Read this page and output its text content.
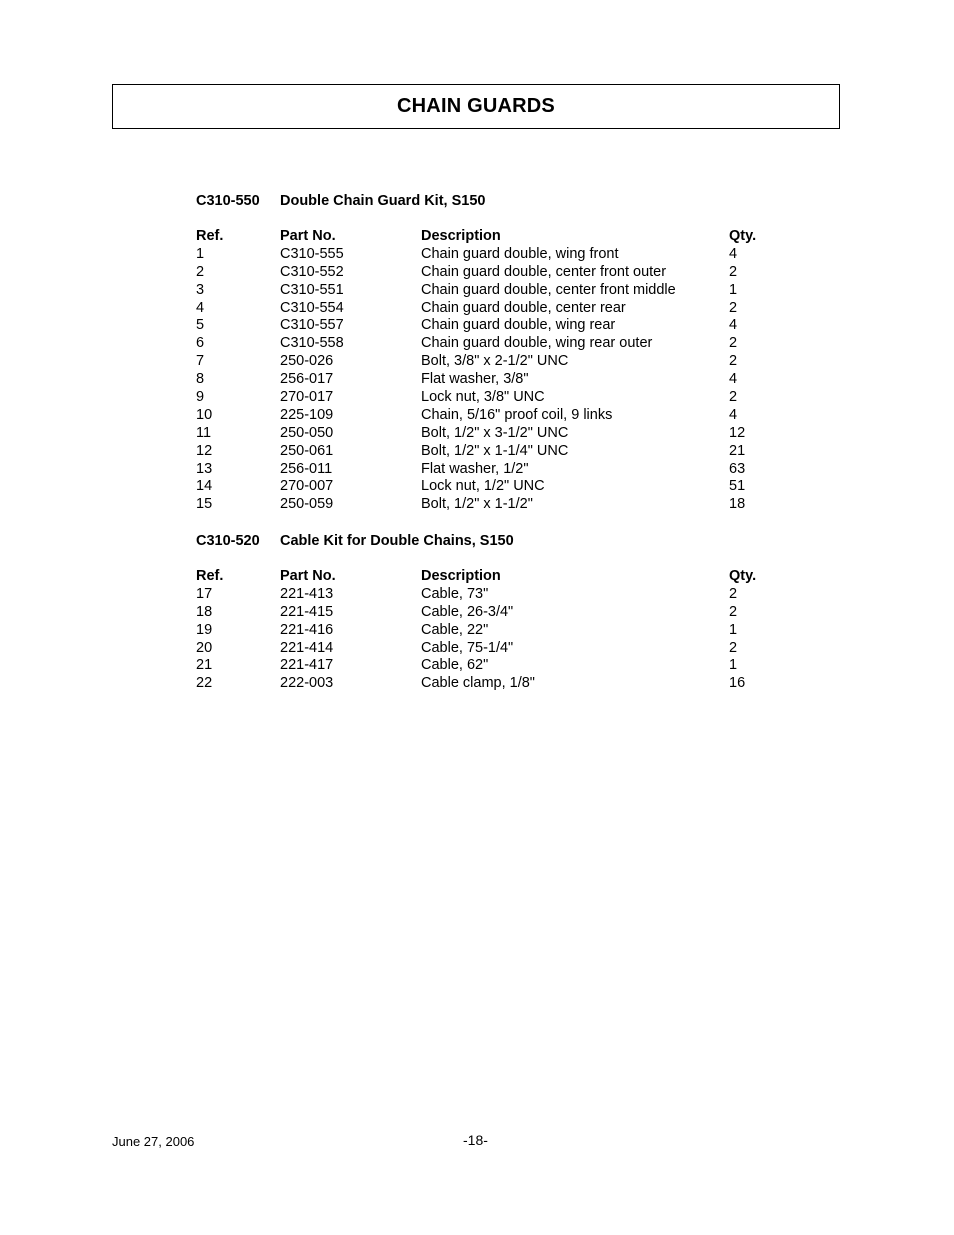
CHAIN GUARDS
C310-550 Double Chain Guard Kit, S150
Ref.	Part No.	Description	Qty.
1	C310-555	Chain guard double, wing front	4
2	C310-552	Chain guard double, center front outer	2
3	C310-551	Chain guard double, center front middle	1
4	C310-554	Chain guard double, center rear	2
5	C310-557	Chain guard double, wing rear	4
6	C310-558	Chain guard double, wing rear outer	2
7	250-026	Bolt, 3/8" x 2-1/2" UNC	2
8	256-017	Flat washer, 3/8"	4
9	270-017	Lock nut, 3/8" UNC	2
10	225-109	Chain, 5/16" proof coil, 9 links	4
11	250-050	Bolt, 1/2" x 3-1/2" UNC	12
12	250-061	Bolt, 1/2" x 1-1/4" UNC	21
13	256-011	Flat washer, 1/2"	63
14	270-007	Lock nut, 1/2" UNC	51
15	250-059	Bolt, 1/2" x 1-1/2"	18
C310-520 Cable Kit for Double Chains, S150
Ref.	Part No.	Description	Qty.
17	221-413	Cable, 73"	2
18	221-415	Cable, 26-3/4"	2
19	221-416	Cable, 22"	1
20	221-414	Cable, 75-1/4"	2
21	221-417	Cable, 62"	1
22	222-003	Cable clamp, 1/8"	16
June 27, 2006	-18-
